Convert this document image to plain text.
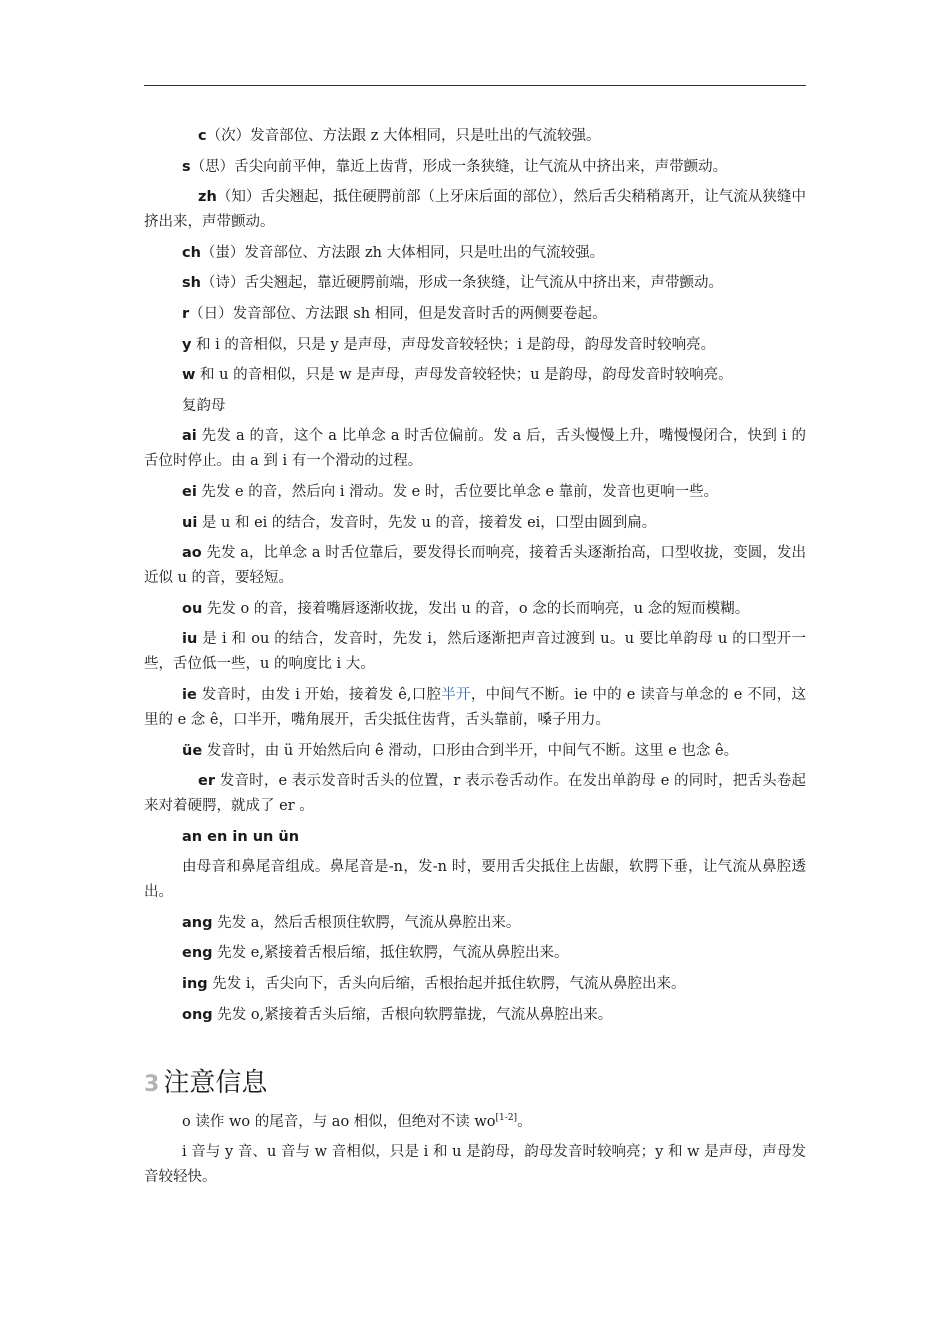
c（次）发音部位、方法跟 z 大体相同，只是吐出的气流较强。

s（思）舌尖向前平伸，靠近上齿背，形成一条狭缝，让气流从中挤出来，声带颤动。

zh（知）舌尖翘起，抵住硬腭前部（上牙床后面的部位），然后舌尖稍稍离开，让气流从狭缝中挤出来，声带颤动。

ch（蚩）发音部位、方法跟 zh 大体相同，只是吐出的气流较强。

sh（诗）舌尖翘起，靠近硬腭前端，形成一条狭缝，让气流从中挤出来，声带颤动。

r（日）发音部位、方法跟 sh 相同，但是发音时舌的两侧要卷起。

y 和 i 的音相似，只是 y 是声母，声母发音较轻快；i 是韵母，韵母发音时较响亮。

w 和 u 的音相似，只是 w 是声母，声母发音较轻快；u 是韵母，韵母发音时较响亮。

复韵母

ai 先发 a 的音，这个 a 比单念 a 时舌位偏前。发 a 后，舌头慢慢上升，嘴慢慢闭合，快到 i 的舌位时停止。由 a 到 i 有一个滑动的过程。

ei 先发 e 的音，然后向 i 滑动。发 e 时，舌位要比单念 e 靠前，发音也更响一些。

ui 是 u 和 ei 的结合，发音时，先发 u 的音，接着发 ei，口型由圆到扁。

ao 先发 a，比单念 a 时舌位靠后，要发得长而响亮，接着舌头逐渐抬高，口型收拢，变圆，发出近似 u 的音，要轻短。

ou 先发 o 的音，接着嘴唇逐渐收拢，发出 u 的音，o 念的长而响亮，u 念的短而模糊。

iu 是 i 和 ou 的结合，发音时，先发 i，然后逐渐把声音过渡到 u。u 要比单韵母 u 的口型开一些，舌位低一些，u 的响度比 i 大。

ie 发音时，由发 i 开始，接着发 ê,口腔半开，中间气不断。ie 中的 e 读音与单念的 e 不同，这里的 e 念 ê，口半开，嘴角展开，舌尖抵住齿背，舌头靠前，嗓子用力。

üe 发音时，由 ü 开始然后向 ê 滑动，口形由合到半开，中间气不断。这里 e 也念 ê。

er 发音时，e 表示发音时舌头的位置，r 表示卷舌动作。在发出单韵母 e 的同时，把舌头卷起来对着硬腭，就成了 er 。

an en in un ün

由母音和鼻尾音组成。鼻尾音是-n，发-n 时，要用舌尖抵住上齿龈，软腭下垂，让气流从鼻腔透出。

ang 先发 a，然后舌根顶住软腭，气流从鼻腔出来。

eng 先发 e,紧接着舌根后缩，抵住软腭，气流从鼻腔出来。

ing 先发 i，舌尖向下，舌头向后缩，舌根抬起并抵住软腭，气流从鼻腔出来。

ong 先发 o,紧接着舌头后缩，舌根向软腭靠拢，气流从鼻腔出来。

3 注意信息

o 读作 wo 的尾音，与 ao 相似，但绝对不读 wo[1-2]。

i 音与 y 音、u 音与 w 音相似，只是 i 和 u 是韵母，韵母发音时较响亮；y 和 w 是声母，声母发音较轻快。
